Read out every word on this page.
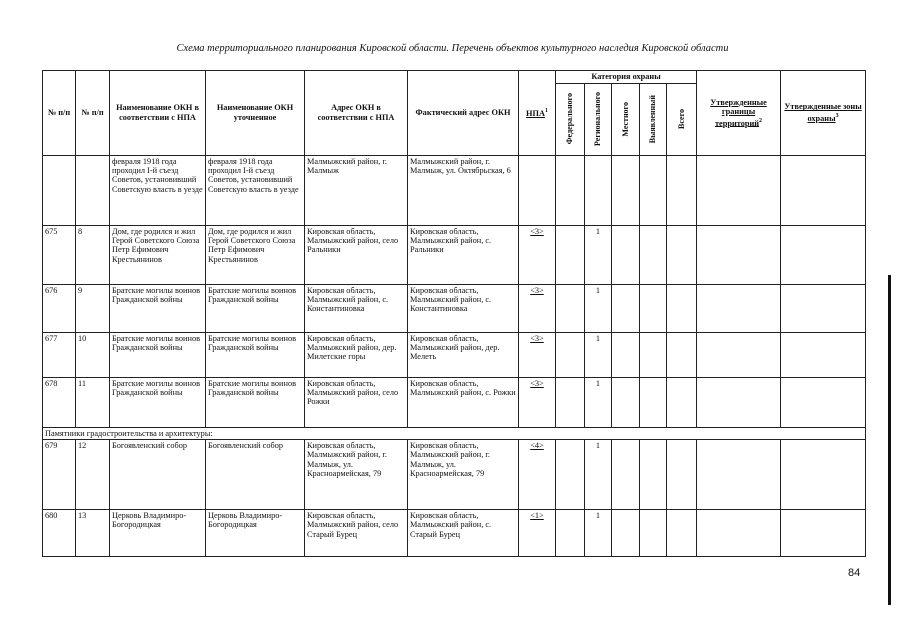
Схема территориального планирования Кировской области. Перечень объектов культурного наследия Кировской области
№ п/п	№ п/п	Наименование ОКН в соответствии с НПА	Наименование ОКН уточненное	Адрес ОКН в соответствии с НПА	Фактический адрес ОКН	НПА$^1$	Категория охраны					Утвержденные границы территорий$^2$	Утвержденные зоны охраны$^3$

							Федерального	Регионального	Местного	Выявленный	Всего		

		февраля 1918 года проходил I-й съезд Советов, установивший Советскую власть в уезде	февраля 1918 года проходил I-й съезд Советов, установивший Советскую власть в уезде	Малмыжский район, г. Малмыж	Малмыжский район, г. Малмыж, ул. Октябрьская, 6								
675	8	Дом, где родился и жил Герой Советского Союза Петр Ефимович Крестьянинов	Дом, где родился и жил Герой Советского Союза Петр Ефимович Крестьянинов	Кировская область, Малмыжский район, село Ральники	Кировская область, Малмыжский район, с. Ральники	<3>		1					
676	9	Братские могилы воинов Гражданской войны	Братские могилы воинов Гражданской войны	Кировская область, Малмыжский район, с. Константиновка	Кировская область, Малмыжский район, с. Константиновка	<3>		1					
677	10	Братские могилы воинов Гражданской войны	Братские могилы воинов Гражданской войны	Кировская область, Малмыжский район, дер. Милетские горы	Кировская область, Малмыжский район, дер. Мелеть	<3>		1					
678	11	Братские могилы воинов Гражданской войны	Братские могилы воинов Гражданской войны	Кировская область, Малмыжский район, село Рожки	Кировская область, Малмыжский район, с. Рожки	<3>		1					
Памятники градостроительства и архитектуры:													
679	12	Богоявленский собор	Богоявленский собор	Кировская область, Малмыжский район, г. Малмыж, ул. Красноармейская, 79	Кировская область, Малмыжский район, г. Малмыж, ул. Красноармейская, 79	<4>		1					
680	13	Церковь Владимиро-Богородицкая	Церковь Владимиро-Богородицкая	Кировская область, Малмыжский район, село Старый Бурец	Кировская область, Малмыжский район, с. Старый Бурец	<1>		1					
84
